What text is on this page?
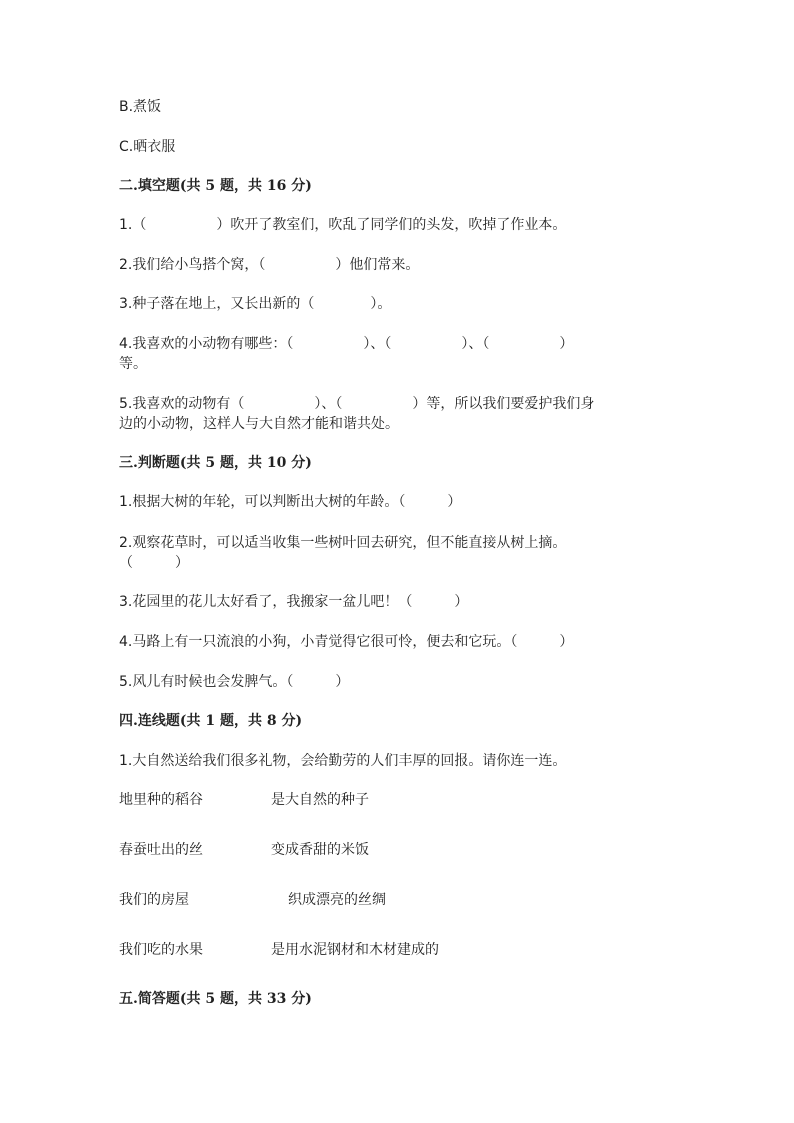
B.煮饭
C.晒衣服
二.填空题(共 5 题，共 16 分)
1.（　　　　　）吹开了教室们，吹乱了同学们的头发，吹掉了作业本。
2.我们给小鸟搭个窝，（　　　　　）他们常来。
3.种子落在地上，又长出新的（　　　　）。
4.我喜欢的小动物有哪些：（　　　　　）、（　　　　　）、（　　　　　）
等。
5.我喜欢的动物有（　　　　　）、（　　　　　）等，所以我们要爱护我们身
边的小动物，这样人与大自然才能和谐共处。
三.判断题(共 5 题，共 10 分)
1.根据大树的年轮，可以判断出大树的年龄。（　　　）
2.观察花草时，可以适当收集一些树叶回去研究，但不能直接从树上摘。
（　　　）
3.花园里的花儿太好看了，我搬家一盆儿吧！（　　　）
4.马路上有一只流浪的小狗，小青觉得它很可怜，便去和它玩。（　　　）
5.风儿有时候也会发脾气。（　　　）
四.连线题(共 1 题，共 8 分)
1.大自然送给我们很多礼物，会给勤劳的人们丰厚的回报。请你连一连。
地里种的稻谷	是大自然的种子
春蚕吐出的丝	变成香甜的米饭
我们的房屋	织成漂亮的丝绸
我们吃的水果	是用水泥钢材和木材建成的
五.简答题(共 5 题，共 33 分)
